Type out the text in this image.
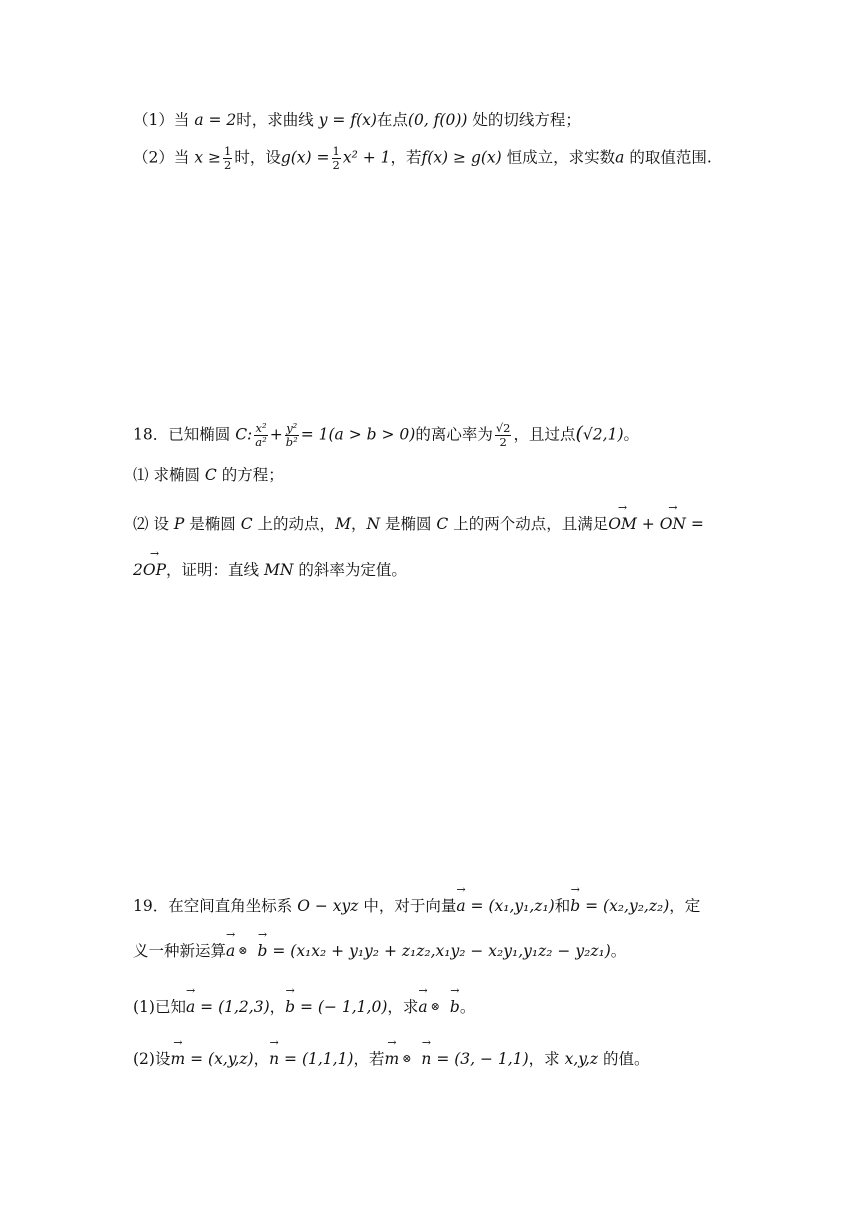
（1）当 a = 2时，求曲线 y = f(x)在点(0, f(0)) 处的切线方程；
（2）当 $x \ge \frac{1}{2}$ 时，设$g(x) = \frac{1}{2} x^2 + 1$，若f(x) ≥ g(x) 恒成立，求实数a 的取值范围.
18．已知椭圆 C: $\frac{\text{x²}}{\text{a²}} + \frac{\text{y²}}{\text{b²}} = 1(a > b > 0)$的离心率为 $\frac{√2}{2}$ ，且过点(√2,1)。
⑴ 求椭圆 C 的方程；
⑵ 设 P 是椭圆 C 上的动点，M，N 是椭圆 C 上的两个动点，且满足→ OM + → ON =
2→ OP，证明：直线 MN 的斜率为定值。
19．在空间直角坐标系 O − xyz 中，对于向量→ a = (x₁,y₁,z₁)和→ b = (x₂,y₂,z₂)，定
义一种新运算→ a ⊗ → b = (x₁x₂ + y₁y₂ + z₁z₂,x₁y₂ − x₂y₁,y₁z₂ − y₂z₁)。
(1)已知→ a = (1,2,3)，→ b = (− 1,1,0)，求→ a ⊗ → b。
(2)设→ m = (x,y,z)，→ n = (1,1,1)，若→ m ⊗ → n = (3, − 1,1)，求 x,y,z 的值。
